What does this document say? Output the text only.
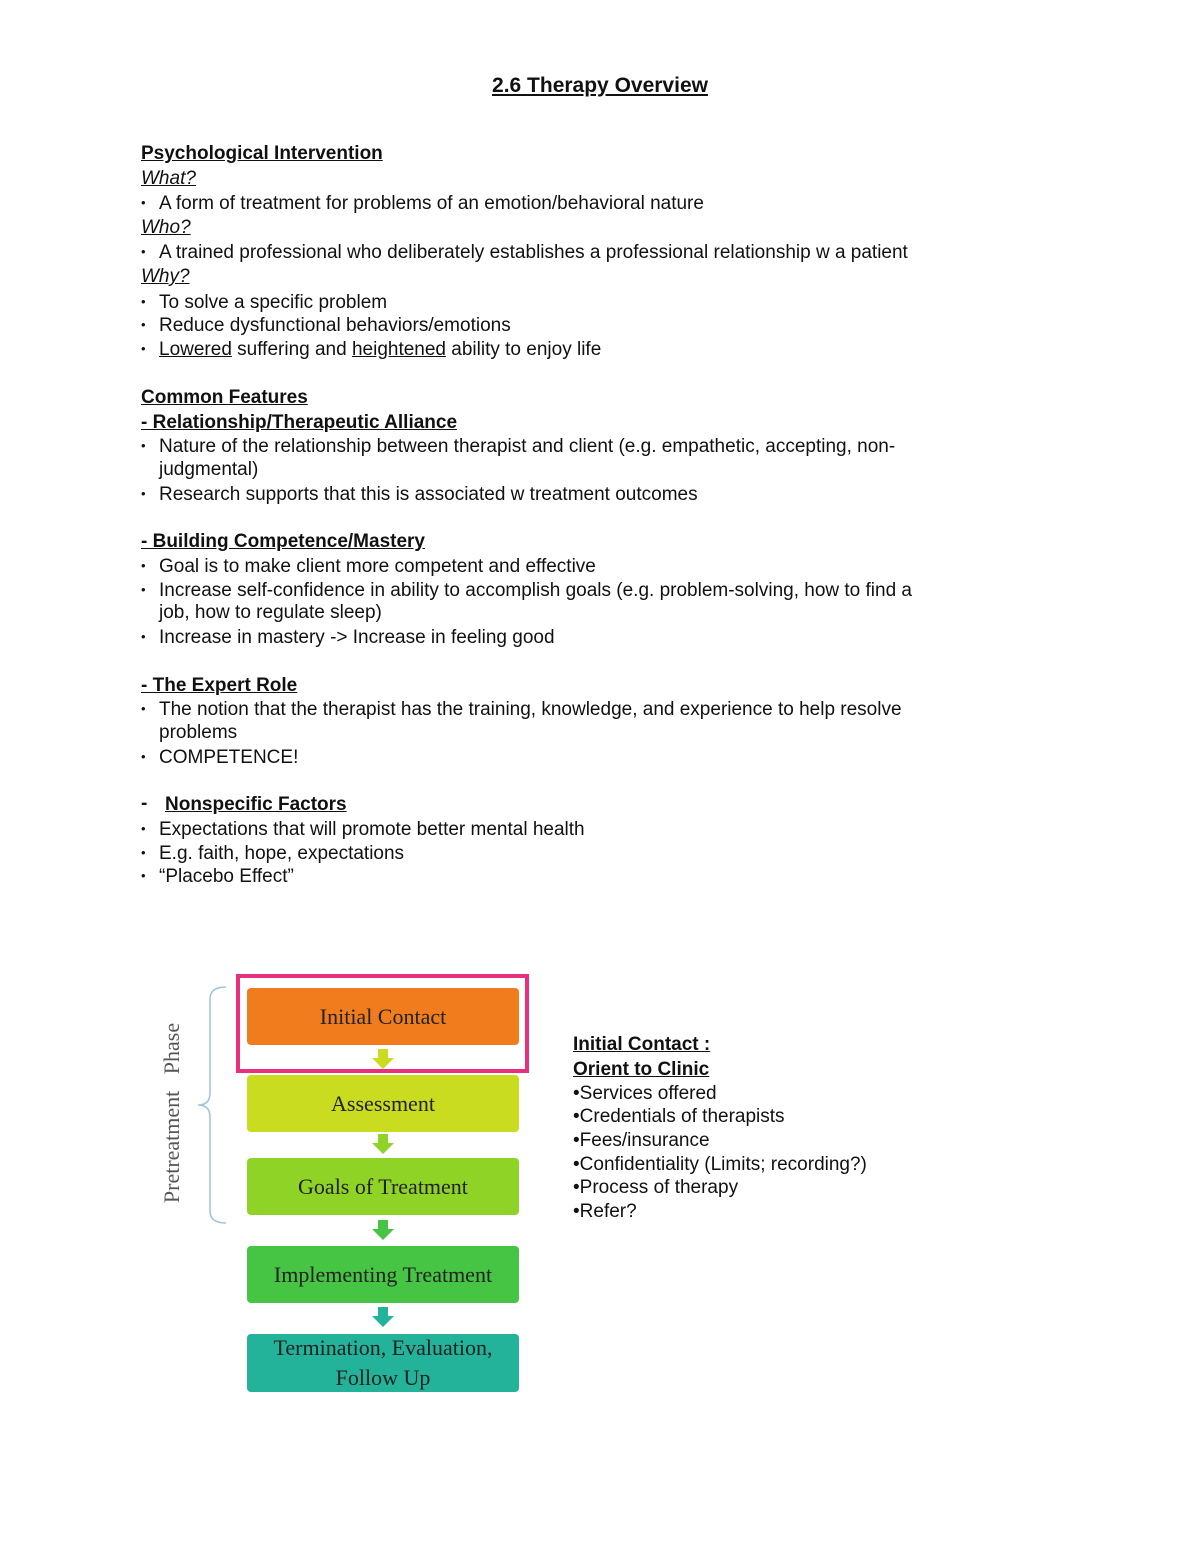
2.6 Therapy Overview
Psychological Intervention
What?
• A form of treatment for problems of an emotion/behavioral nature
Who?
• A trained professional who deliberately establishes a professional relationship w a patient
Why?
• To solve a specific problem
• Reduce dysfunctional behaviors/emotions
• Lowered suffering and heightened ability to enjoy life
Common Features
- Relationship/Therapeutic Alliance
• Nature of the relationship between therapist and client (e.g. empathetic, accepting, non-
judgmental)
• Research supports that this is associated w treatment outcomes
- Building Competence/Mastery
• Goal is to make client more competent and effective
• Increase self-confidence in ability to accomplish goals (e.g. problem-solving, how to find a
job, how to regulate sleep)
• Increase in mastery -> Increase in feeling good
- The Expert Role
• The notion that the therapist has the training, knowledge, and experience to help resolve
problems
• COMPETENCE!
- Nonspecific Factors
• Expectations that will promote better mental health
• E.g. faith, hope, expectations
• “Placebo Effect”
Pretreatment   Phase
Initial Contact
Assessment
Goals of Treatment
Implementing Treatment
Termination, Evaluation,
Follow Up
Initial Contact :
Orient to Clinic
•Services offered
•Credentials of therapists
•Fees/insurance
•Confidentiality (Limits; recording?)
•Process of therapy
•Refer?
